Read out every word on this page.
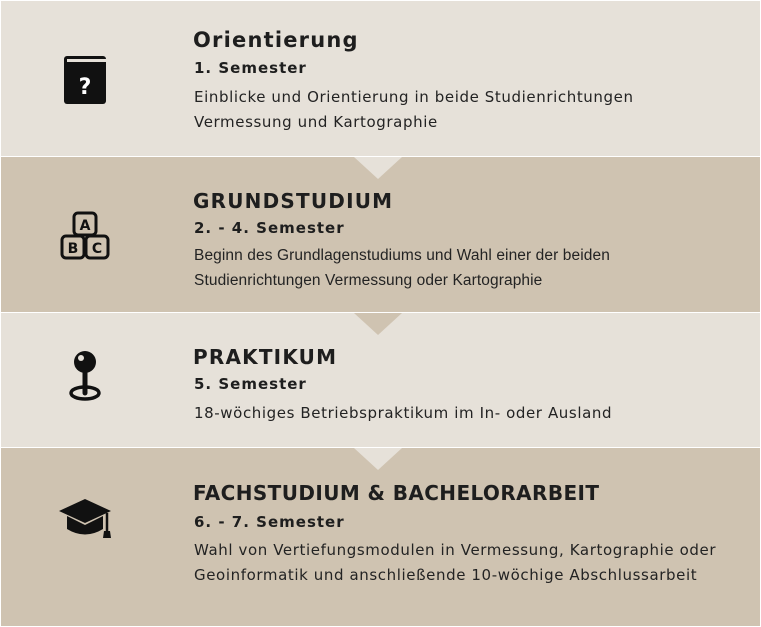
?
Orientierung

1. Semester

Einblicke und Orientierung in beide Studienrichtungen Vermessung und Kartographie

A
B C
GRUNDSTUDIUM

2. - 4. Semester

Beginn des Grundlagenstudiums und Wahl einer der beiden Studienrichtungen Vermessung oder Kartographie

PRAKTIKUM

5. Semester

18-wöchiges Betriebspraktikum im In- oder Ausland

FACHSTUDIUM & BACHELORARBEIT

6. - 7. Semester

Wahl von Vertiefungsmodulen in Vermessung, Kartographie oder Geoinformatik und anschließende 10-wöchige Abschlussarbeit
